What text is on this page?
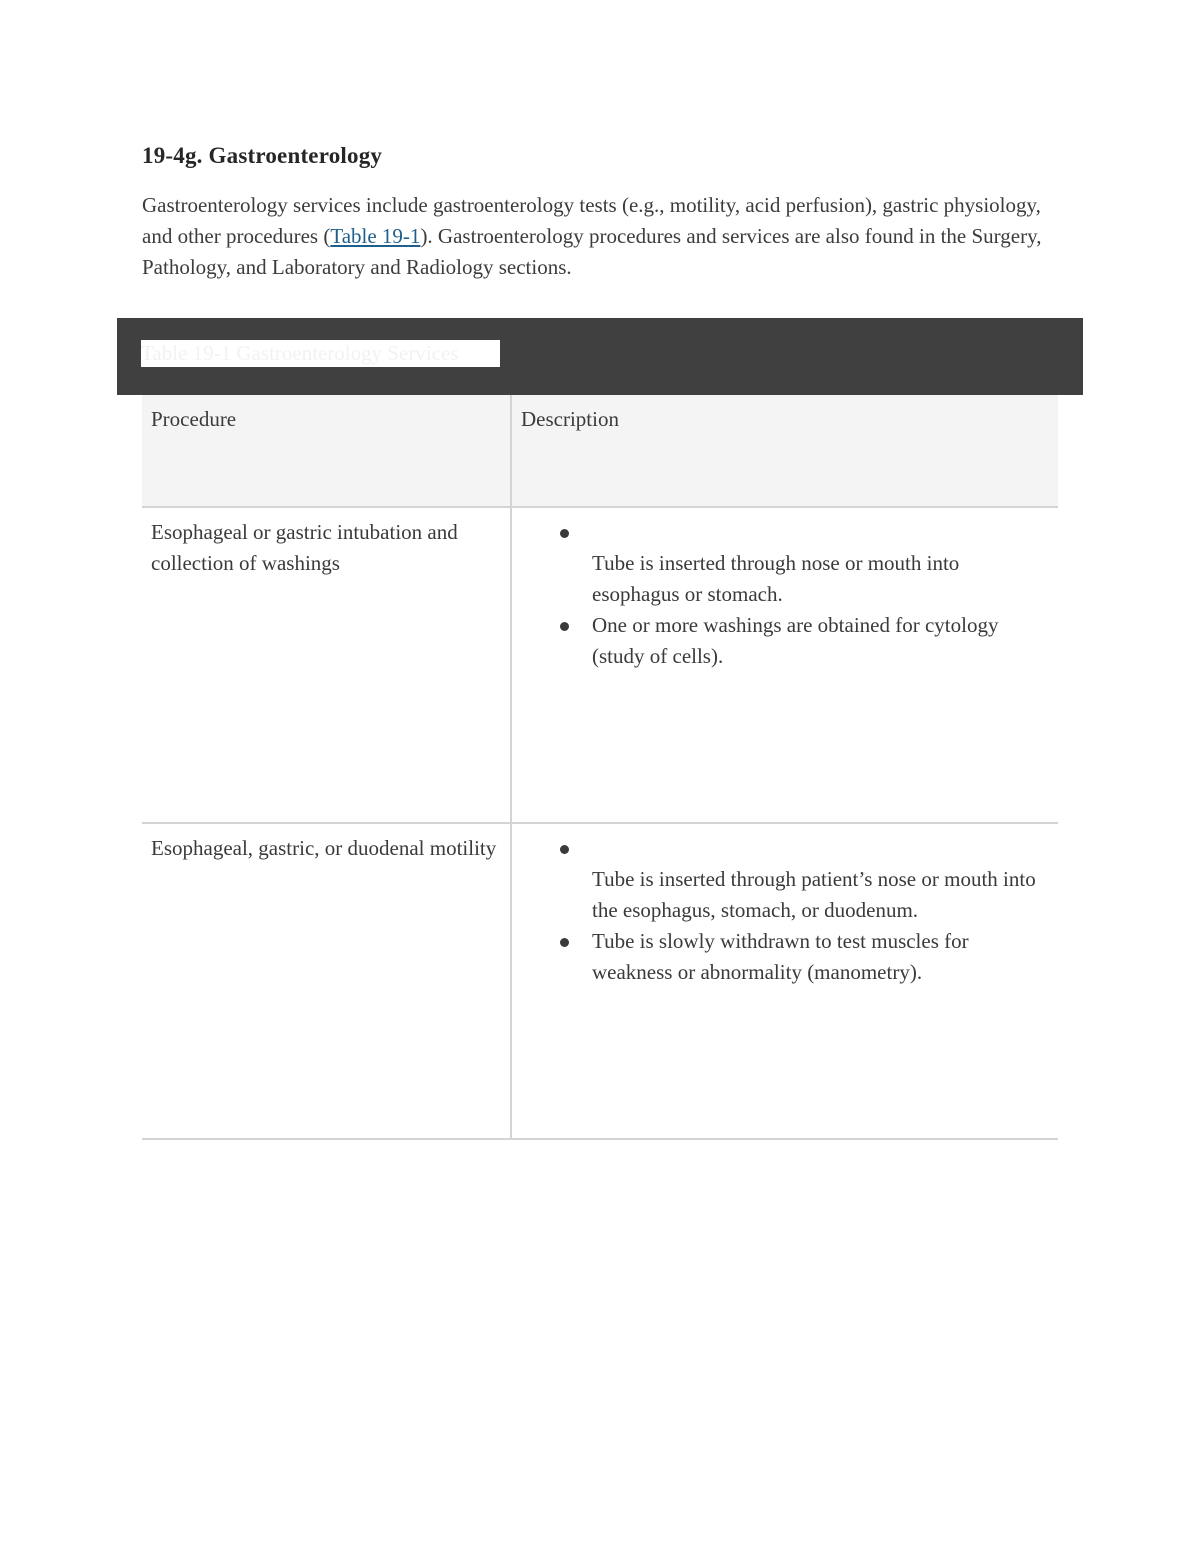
19-4g. Gastroenterology

Gastroenterology services include gastroenterology tests (e.g., motility, acid perfusion), gastric physiology, and other procedures (Table 19-1). Gastroenterology procedures and services are also found in the Surgery, Pathology, and Laboratory and Radiology sections.

Table 19-1 Gastroenterology Services
Procedure	Description
Esophageal or gastric intubation and collection of washings	Tube is inserted through nose or mouth into esophagus or stomach.
One or more washings are obtained for cytology (study of cells).
Esophageal, gastric, or duodenal motility
Tube is inserted through patient’s nose or mouth into the esophagus, stomach, or duodenum.
Tube is slowly withdrawn to test muscles for weakness or abnormality (manometry).
